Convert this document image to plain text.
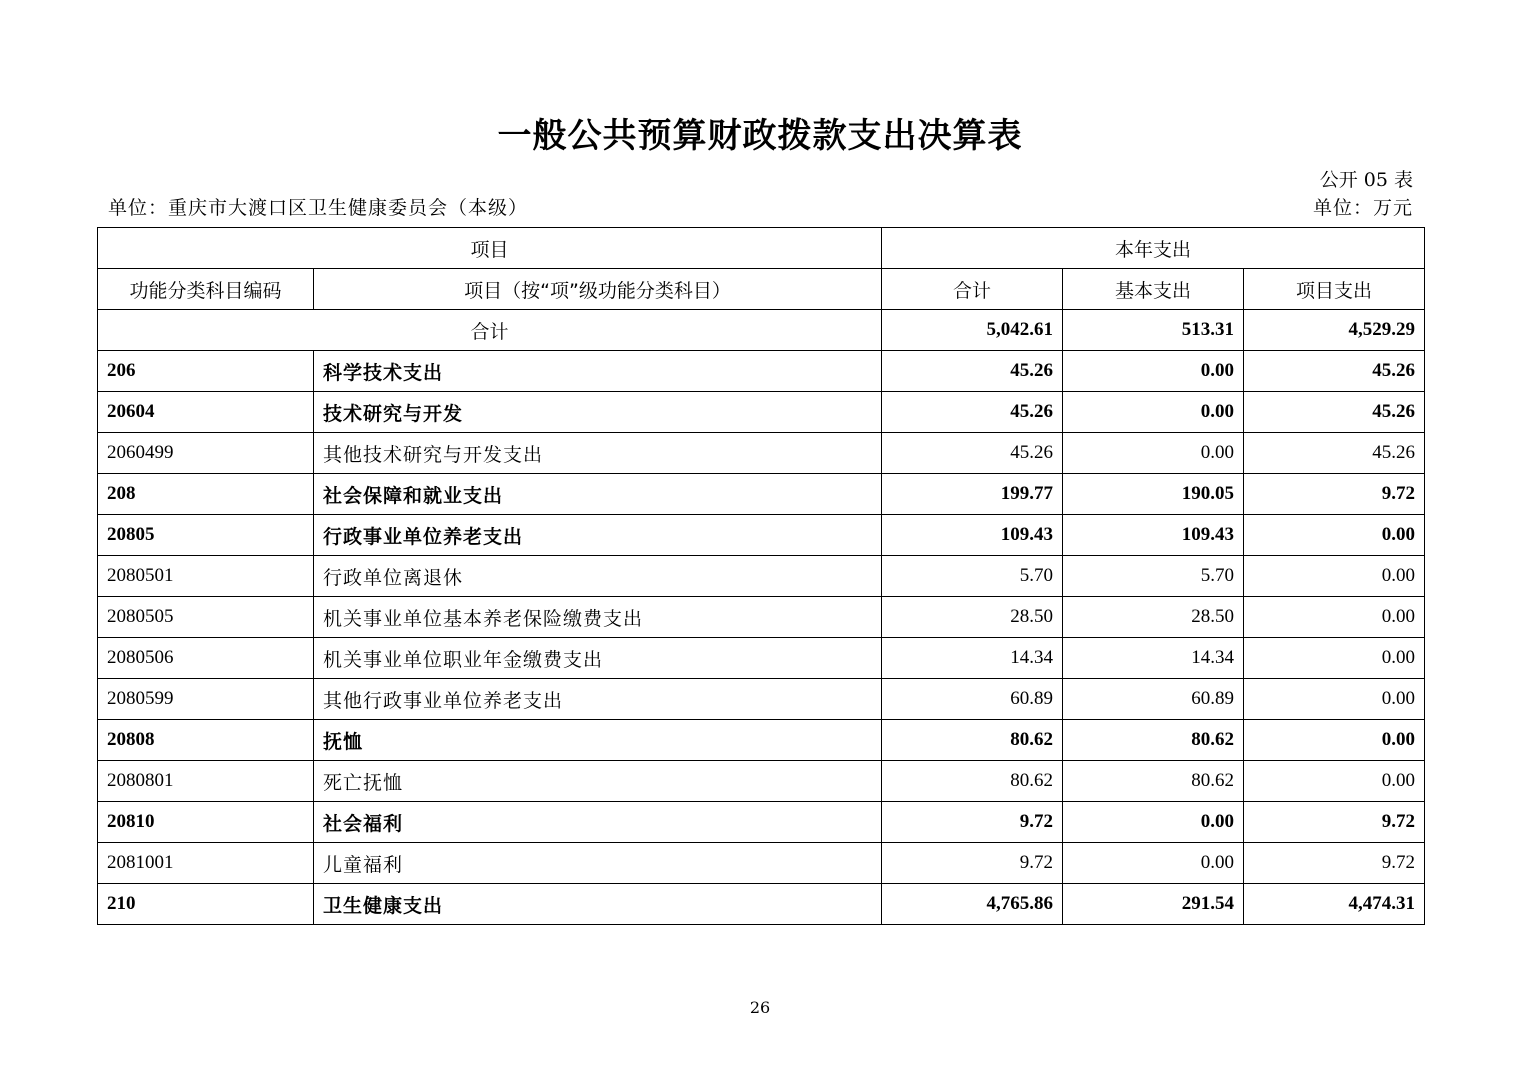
一般公共预算财政拨款支出决算表
公开 05 表
单位：重庆市大渡口区卫生健康委员会（本级）	单位：万元
项目		本年支出		
功能分类科目编码	项目（按“项”级功能分类科目）	合计	基本支出	项目支出
合计		5,042.61	513.31	4,529.29
206	科学技术支出	45.26	0.00	45.26
20604	技术研究与开发	45.26	0.00	45.26
2060499	其他技术研究与开发支出	45.26	0.00	45.26
208	社会保障和就业支出	199.77	190.05	9.72
20805	行政事业单位养老支出	109.43	109.43	0.00
2080501	行政单位离退休	5.70	5.70	0.00
2080505	机关事业单位基本养老保险缴费支出	28.50	28.50	0.00
2080506	机关事业单位职业年金缴费支出	14.34	14.34	0.00
2080599	其他行政事业单位养老支出	60.89	60.89	0.00
20808	抚恤	80.62	80.62	0.00
2080801	死亡抚恤	80.62	80.62	0.00
20810	社会福利	9.72	0.00	9.72
2081001	儿童福利	9.72	0.00	9.72
210	卫生健康支出	4,765.86	291.54	4,474.31
26
